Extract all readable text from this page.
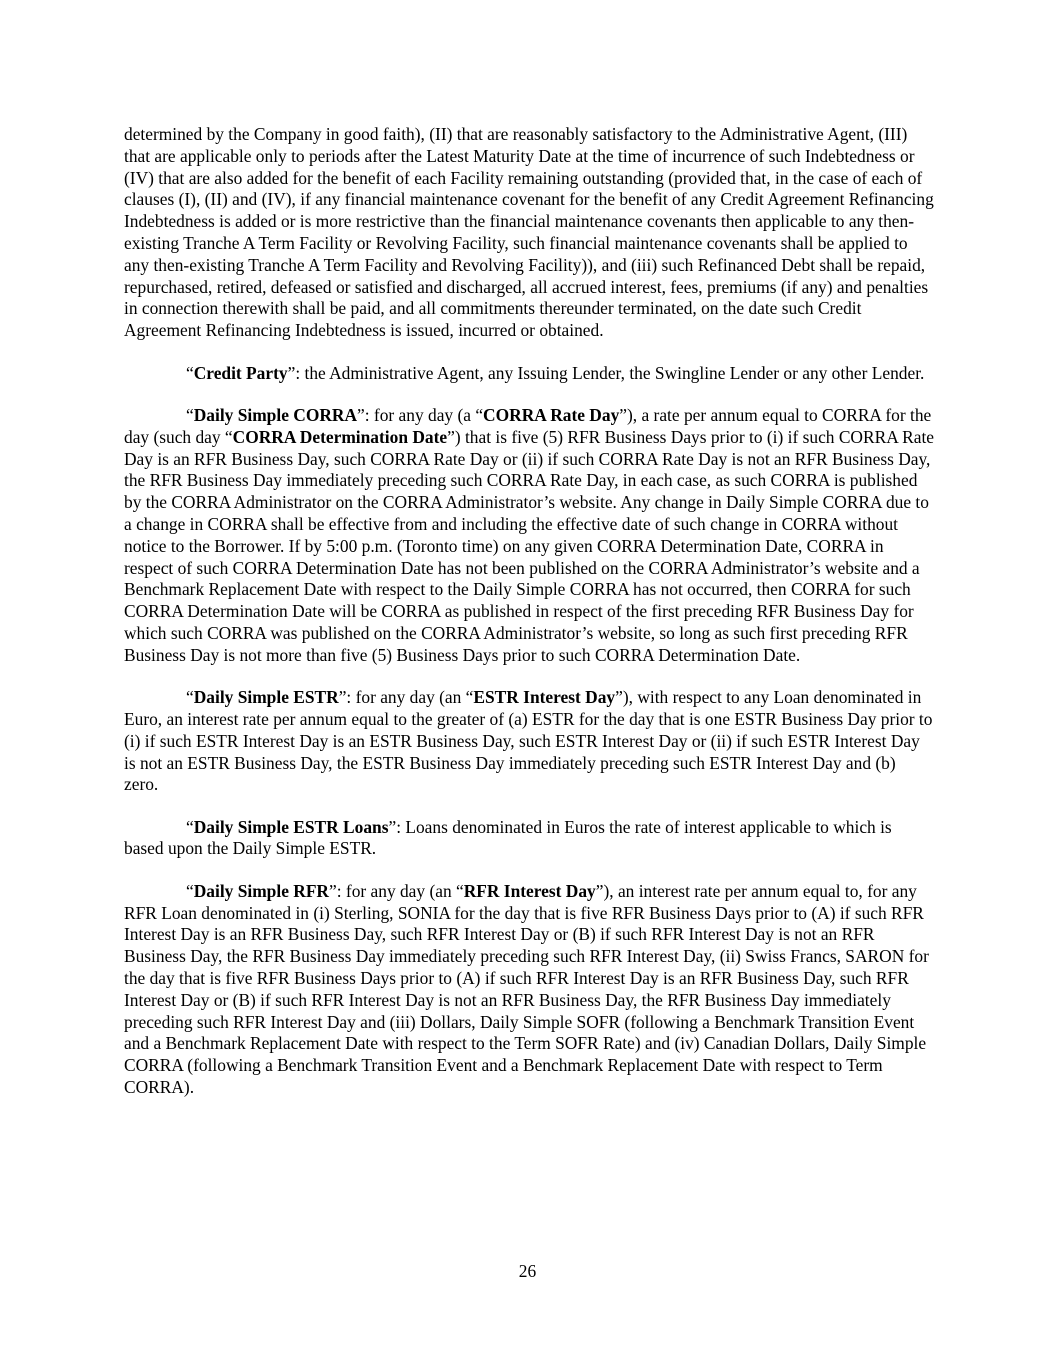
determined by the Company in good faith), (II) that are reasonably satisfactory to the Administrative Agent, (III) that are applicable only to periods after the Latest Maturity Date at the time of incurrence of such Indebtedness or (IV) that are also added for the benefit of each Facility remaining outstanding (provided that, in the case of each of clauses (I), (II) and (IV), if any financial maintenance covenant for the benefit of any Credit Agreement Refinancing Indebtedness is added or is more restrictive than the financial maintenance covenants then applicable to any then-existing Tranche A Term Facility or Revolving Facility, such financial maintenance covenants shall be applied to any then-existing Tranche A Term Facility and Revolving Facility)), and (iii) such Refinanced Debt shall be repaid, repurchased, retired, defeased or satisfied and discharged, all accrued interest, fees, premiums (if any) and penalties in connection therewith shall be paid, and all commitments thereunder terminated, on the date such Credit Agreement Refinancing Indebtedness is issued, incurred or obtained.

“Credit Party”: the Administrative Agent, any Issuing Lender, the Swingline Lender or any other Lender.

“Daily Simple CORRA”: for any day (a “CORRA Rate Day”), a rate per annum equal to CORRA for the day (such day “CORRA Determination Date”) that is five (5) RFR Business Days prior to (i) if such CORRA Rate Day is an RFR Business Day, such CORRA Rate Day or (ii) if such CORRA Rate Day is not an RFR Business Day, the RFR Business Day immediately preceding such CORRA Rate Day, in each case, as such CORRA is published by the CORRA Administrator on the CORRA Administrator’s website. Any change in Daily Simple CORRA due to a change in CORRA shall be effective from and including the effective date of such change in CORRA without notice to the Borrower. If by 5:00 p.m. (Toronto time) on any given CORRA Determination Date, CORRA in respect of such CORRA Determination Date has not been published on the CORRA Administrator’s website and a Benchmark Replacement Date with respect to the Daily Simple CORRA has not occurred, then CORRA for such CORRA Determination Date will be CORRA as published in respect of the first preceding RFR Business Day for which such CORRA was published on the CORRA Administrator’s website, so long as such first preceding RFR Business Day is not more than five (5) Business Days prior to such CORRA Determination Date.

“Daily Simple ESTR”: for any day (an “ESTR Interest Day”), with respect to any Loan denominated in Euro, an interest rate per annum equal to the greater of (a) ESTR for the day that is one ESTR Business Day prior to (i) if such ESTR Interest Day is an ESTR Business Day, such ESTR Interest Day or (ii) if such ESTR Interest Day is not an ESTR Business Day, the ESTR Business Day immediately preceding such ESTR Interest Day and (b) zero.

“Daily Simple ESTR Loans”: Loans denominated in Euros the rate of interest applicable to which is based upon the Daily Simple ESTR.

“Daily Simple RFR”: for any day (an “RFR Interest Day”), an interest rate per annum equal to, for any RFR Loan denominated in (i) Sterling, SONIA for the day that is five RFR Business Days prior to (A) if such RFR Interest Day is an RFR Business Day, such RFR Interest Day or (B) if such RFR Interest Day is not an RFR Business Day, the RFR Business Day immediately preceding such RFR Interest Day, (ii) Swiss Francs, SARON for the day that is five RFR Business Days prior to (A) if such RFR Interest Day is an RFR Business Day, such RFR Interest Day or (B) if such RFR Interest Day is not an RFR Business Day, the RFR Business Day immediately preceding such RFR Interest Day and (iii) Dollars, Daily Simple SOFR (following a Benchmark Transition Event and a Benchmark Replacement Date with respect to the Term SOFR Rate) and (iv) Canadian Dollars, Daily Simple CORRA (following a Benchmark Transition Event and a Benchmark Replacement Date with respect to Term CORRA).

26
